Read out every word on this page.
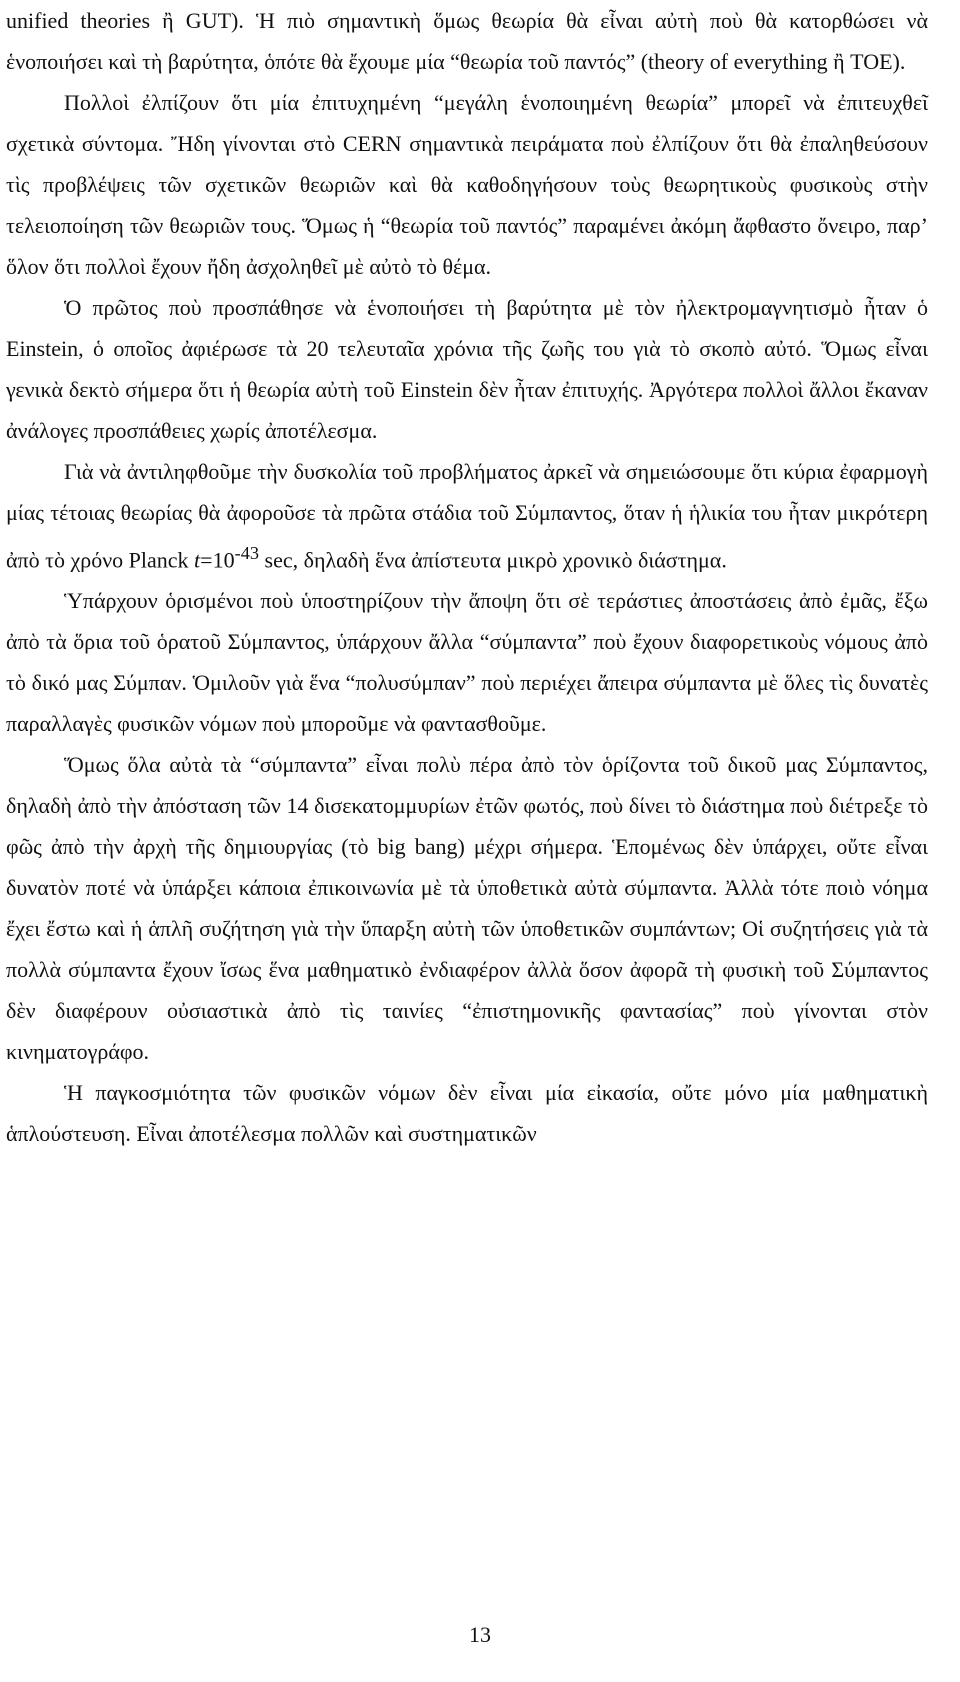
unified theories ἢ GUT). Ἡ πιὸ σημαντικὴ ὅμως θεωρία θὰ εἶναι αὐτὴ ποὺ θὰ κατορθώσει νὰ ἑνοποιήσει καὶ τὴ βαρύτητα, ὁπότε θὰ ἔχουμε μία “θεωρία τοῦ παντός” (theory of everything ἢ TOE).

Πολλοὶ ἐλπίζουν ὅτι μία ἐπιτυχημένη “μεγάλη ἑνοποιημένη θεωρία” μπορεῖ νὰ ἐπιτευχθεῖ σχετικὰ σύντομα. Ἤδη γίνονται στὸ CERN σημαντικὰ πειράματα ποὺ ἐλπίζουν ὅτι θὰ ἐπαληθεύσουν τὶς προβλέψεις τῶν σχετικῶν θεωριῶν καὶ θὰ καθοδηγήσουν τοὺς θεωρητικοὺς φυσικοὺς στὴν τελειοποίηση τῶν θεωριῶν τους. Ὅμως ἡ “θεωρία τοῦ παντός” παραμένει ἀκόμη ἄφθαστο ὄνειρο, παρ’ ὅλον ὅτι πολλοὶ ἔχουν ἤδη ἀσχοληθεῖ μὲ αὐτὸ τὸ θέμα.

Ὁ πρῶτος ποὺ προσπάθησε νὰ ἑνοποιήσει τὴ βαρύτητα μὲ τὸν ἠλεκτρομαγνητισμὸ ἦταν ὁ Einstein, ὁ οποῖος ἀφιέρωσε τὰ 20 τελευταῖα χρόνια τῆς ζωῆς του γιὰ τὸ σκοπὸ αὐτό. Ὅμως εἶναι γενικὰ δεκτὸ σήμερα ὅτι ἡ θεωρία αὐτὴ τοῦ Einstein δὲν ἦταν ἐπιτυχής. Ἀργότερα πολλοὶ ἄλλοι ἔκαναν ἀνάλογες προσπάθειες χωρίς ἀποτέλεσμα.

Γιὰ νὰ ἀντιληφθοῦμε τὴν δυσκολία τοῦ προβλήματος ἀρκεῖ νὰ σημειώσουμε ὅτι κύρια ἐφαρμογὴ μίας τέτοιας θεωρίας θὰ ἀφοροῦσε τὰ πρῶτα στάδια τοῦ Σύμπαντος, ὅταν ἡ ἡλικία του ἦταν μικρότερη ἀπὸ τὸ χρόνο Planck $t=10^{-43}$ sec, δηλαδὴ ἕνα ἀπίστευτα μικρὸ χρονικὸ διάστημα.

Ὑπάρχουν ὁρισμένοι ποὺ ὑποστηρίζουν τὴν ἄποψη ὅτι σὲ τεράστιες ἀποστάσεις ἀπὸ ἐμᾶς, ἔξω ἀπὸ τὰ ὅρια τοῦ ὁρατοῦ Σύμπαντος, ὑπάρχουν ἄλλα “σύμπαντα” ποὺ ἔχουν διαφορετικοὺς νόμους ἀπὸ τὸ δικό μας Σύμπαν. Ὁμιλοῦν γιὰ ἕνα “πολυσύμπαν” ποὺ περιέχει ἄπειρα σύμπαντα μὲ ὅλες τὶς δυνατὲς παραλλαγὲς φυσικῶν νόμων ποὺ μποροῦμε νὰ φαντασθοῦμε.

Ὅμως ὅλα αὐτὰ τὰ “σύμπαντα” εἶναι πολὺ πέρα ἀπὸ τὸν ὁρίζοντα τοῦ δικοῦ μας Σύμπαντος, δηλαδὴ ἀπὸ τὴν ἀπόσταση τῶν 14 δισεκατομμυρίων ἐτῶν φωτός, ποὺ δίνει τὸ διάστημα ποὺ διέτρεξε τὸ φῶς ἀπὸ τὴν ἀρχὴ τῆς δημιουργίας (τὸ big bang) μέχρι σήμερα. Ἑπομένως δὲν ὑπάρχει, οὔτε εἶναι δυνατὸν ποτέ νὰ ὑπάρξει κάποια ἐπικοινωνία μὲ τὰ ὑποθετικὰ αὐτὰ σύμπαντα. Ἀλλὰ τότε ποιὸ νόημα ἔχει ἔστω καὶ ἡ ἁπλῆ συζήτηση γιὰ τὴν ὕπαρξη αὐτὴ τῶν ὑποθετικῶν συμπάντων; Οἱ συζητήσεις γιὰ τὰ πολλὰ σύμπαντα ἔχουν ἴσως ἕνα μαθηματικὸ ἐνδιαφέρον ἀλλὰ ὅσον ἀφορᾶ τὴ φυσικὴ τοῦ Σύμπαντος δὲν διαφέρουν οὐσιαστικὰ ἀπὸ τὶς ταινίες “ἐπιστημονικῆς φαντασίας” ποὺ γίνονται στὸν κινηματογράφο.

Ἡ παγκοσμιότητα τῶν φυσικῶν νόμων δὲν εἶναι μία εἰκασία, οὔτε μόνο μία μαθηματικὴ ἁπλούστευση. Εἶναι ἀποτέλεσμα πολλῶν καὶ συστηματικῶν

13
